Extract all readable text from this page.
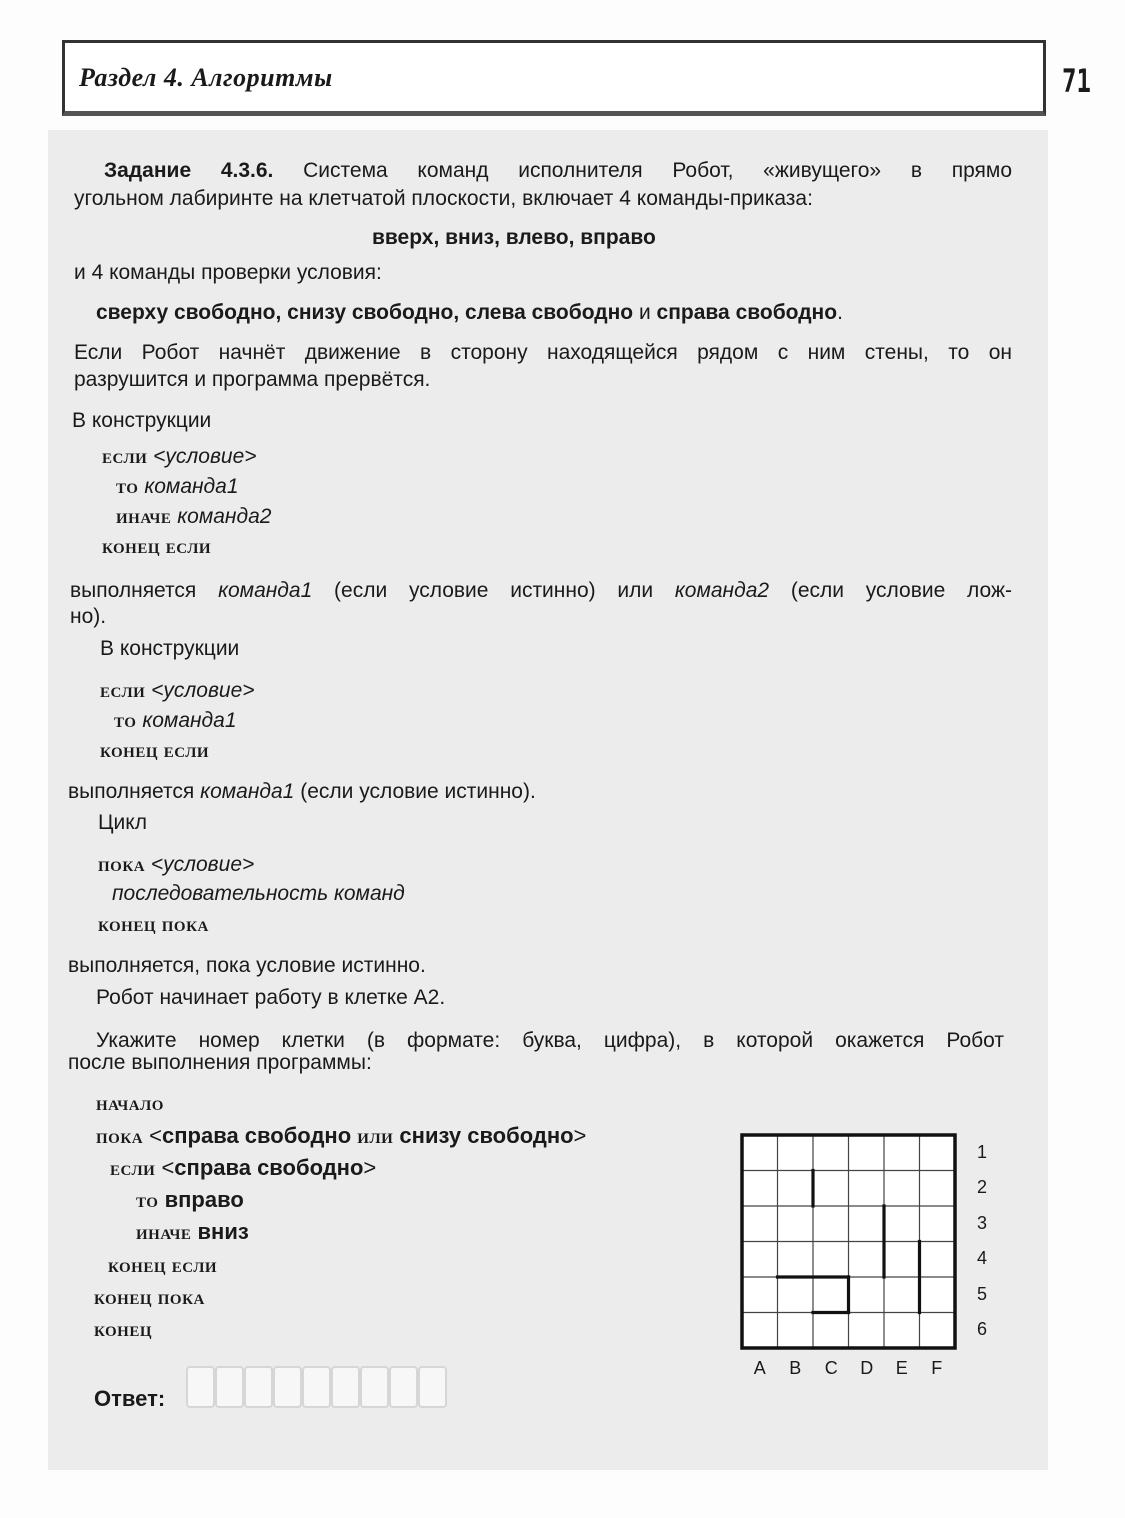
Раздел 4. Алгоритмы	71
Задание 4.3.6. Система команд исполнителя Робот, «живущего» в прямо
угольном лабиринте на клетчатой плоскости, включает 4 команды-приказа:
вверх, вниз, влево, вправо
и 4 команды проверки условия:
сверху свободно, снизу свободно, слева свободно и справа свободно.
Если Робот начнёт движение в сторону находящейся рядом с ним стены, то он
разрушится и программа прервётся.
В конструкции
если <условие>
то команда1
иначе команда2
конец если
выполняется команда1 (если условие истинно) или команда2 (если условие лож-
но).
В конструкции
если <условие>
то команда1
конец если
выполняется команда1 (если условие истинно).
Цикл
пока <условие>
последовательность команд
конец пока
выполняется, пока условие истинно.
Робот начинает работу в клетке А2.
Укажите номер клетки (в формате: буква, цифра), в которой окажется Робот
после выполнения программы:
начало
пока <справа свободно или снизу свободно>
если <справа свободно>
то вправо
иначе вниз
конец если
конец пока
конец
Ответ:
1
2
3
4
5
6
A B C D E F
